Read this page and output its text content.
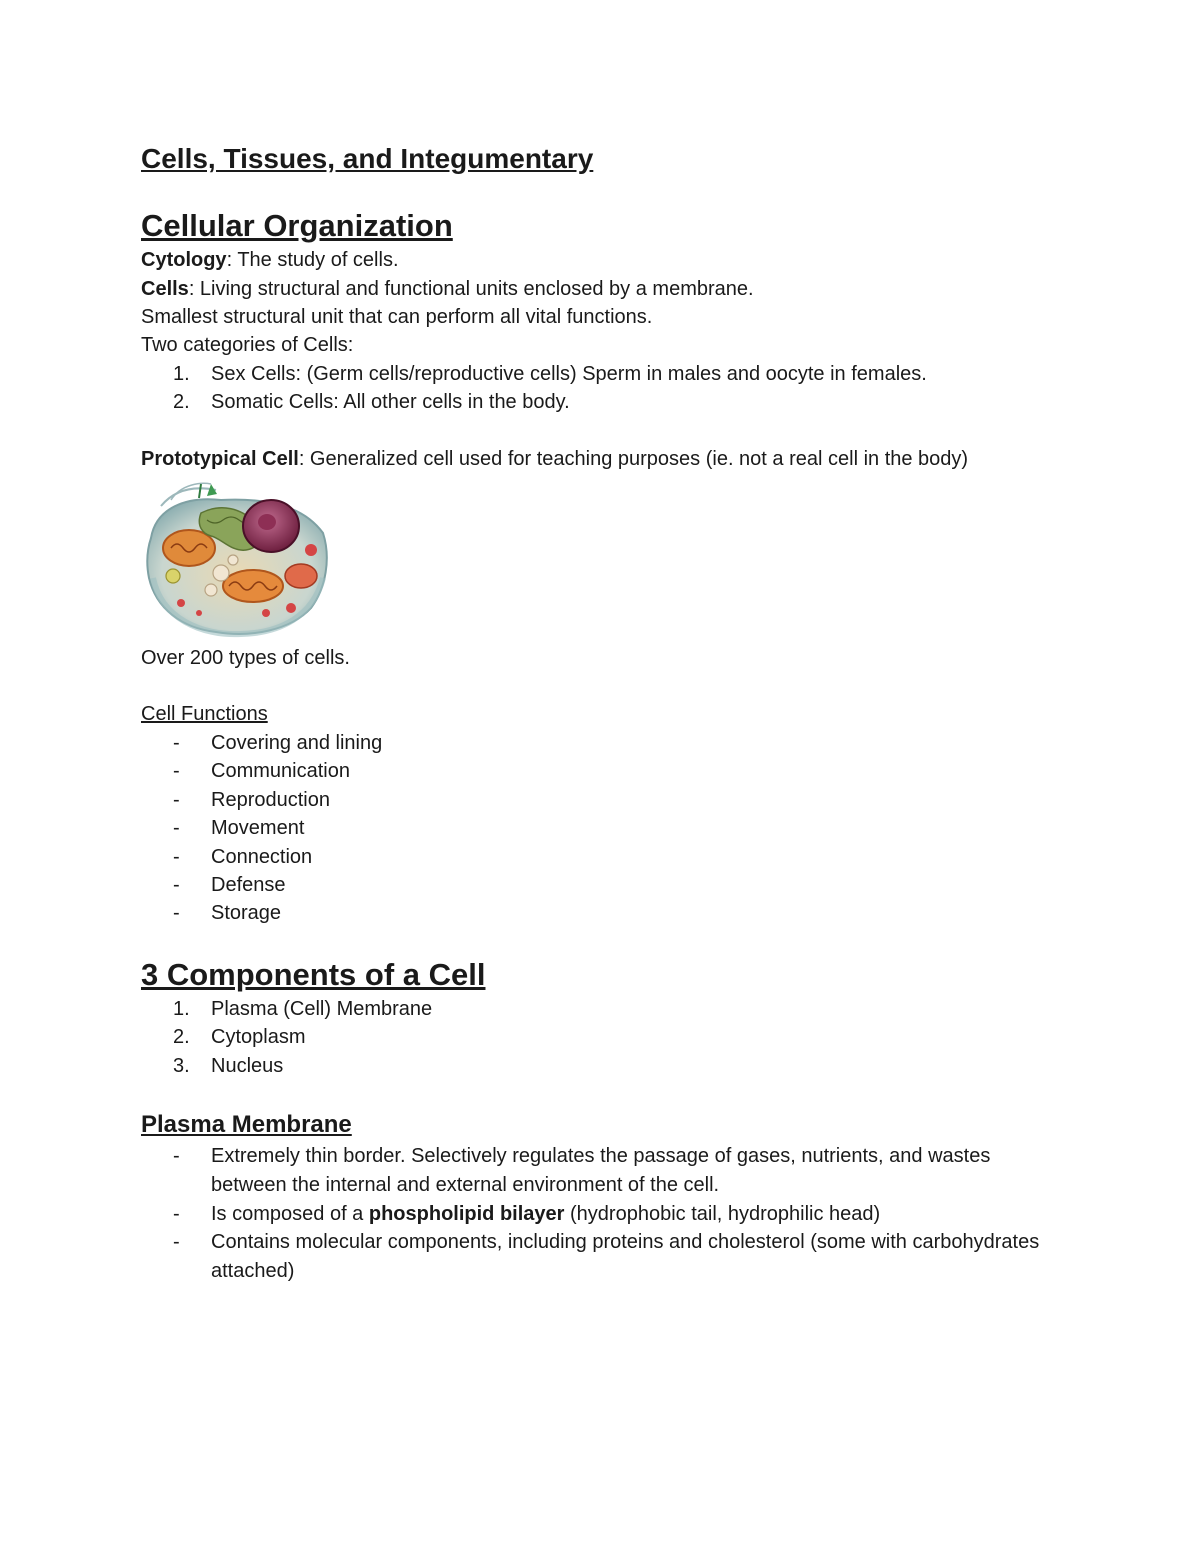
Cells, Tissues, and Integumentary
Cellular Organization
Cytology: The study of cells.
Cells: Living structural and functional units enclosed by a membrane.
Smallest structural unit that can perform all vital functions.
Two categories of Cells:
1.	Sex Cells: (Germ cells/reproductive cells) Sperm in males and oocyte in females.
2.	Somatic Cells: All other cells in the body.
Prototypical Cell: Generalized cell used for teaching purposes (ie. not a real cell in the body)
Over 200 types of cells.
Cell Functions
-	Covering and lining
-	Communication
-	Reproduction
-	Movement
-	Connection
-	Defense
-	Storage
3 Components of a Cell
1.	Plasma (Cell) Membrane
2.	Cytoplasm
3.	Nucleus
Plasma Membrane
-	Extremely thin border. Selectively regulates the passage of gases, nutrients, and wastes between the internal and external environment of the cell.
-	Is composed of a phospholipid bilayer (hydrophobic tail, hydrophilic head)
-	Contains molecular components, including proteins and cholesterol (some with carbohydrates attached)
